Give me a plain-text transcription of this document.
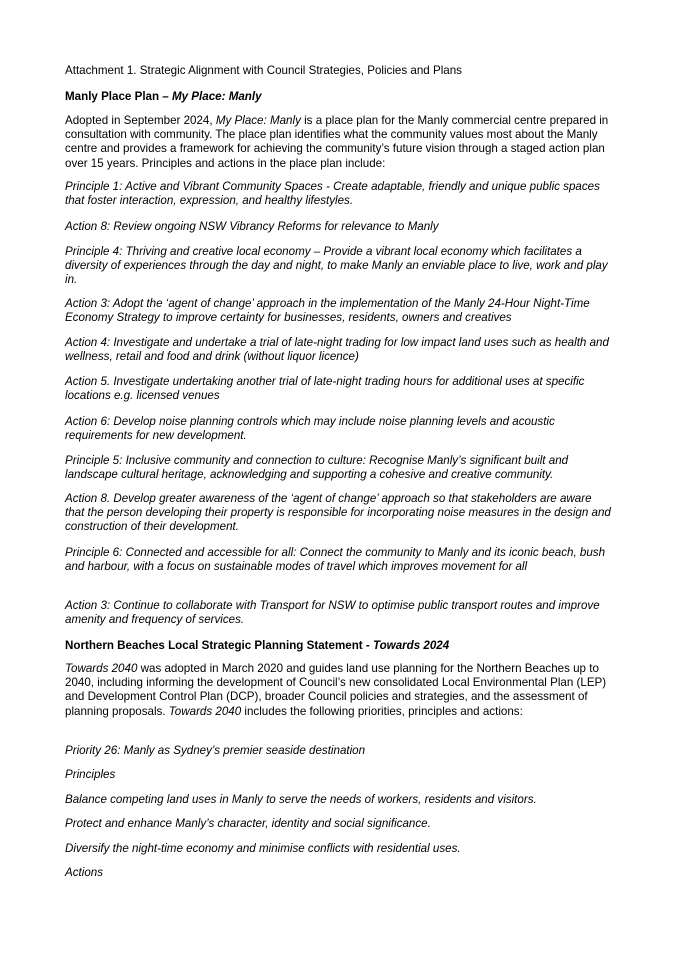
Attachment 1. Strategic Alignment with Council Strategies, Policies and Plans

Manly Place Plan – My Place: Manly

Adopted in September 2024, My Place: Manly is a place plan for the Manly commercial centre prepared in consultation with community. The place plan identifies what the community values most about the Manly centre and provides a framework for achieving the community’s future vision through a staged action plan over 15 years. Principles and actions in the place plan include:

Principle 1: Active and Vibrant Community Spaces - Create adaptable, friendly and unique public spaces that foster interaction, expression, and healthy lifestyles.

Action 8: Review ongoing NSW Vibrancy Reforms for relevance to Manly

Principle 4: Thriving and creative local economy – Provide a vibrant local economy which facilitates a diversity of experiences through the day and night, to make Manly an enviable place to live, work and play in.

Action 3: Adopt the ‘agent of change’ approach in the implementation of the Manly 24-Hour Night-Time Economy Strategy to improve certainty for businesses, residents, owners and creatives

Action 4: Investigate and undertake a trial of late-night trading for low impact land uses such as health and wellness, retail and food and drink (without liquor licence)

Action 5. Investigate undertaking another trial of late-night trading hours for additional uses at specific locations e.g. licensed venues

Action 6: Develop noise planning controls which may include noise planning levels and acoustic requirements for new development.

Principle 5: Inclusive community and connection to culture: Recognise Manly’s significant built and landscape cultural heritage, acknowledging and supporting a cohesive and creative community.

Action 8. Develop greater awareness of the ‘agent of change’ approach so that stakeholders are aware that the person developing their property is responsible for incorporating noise measures in the design and construction of their development.

Principle 6: Connected and accessible for all: Connect the community to Manly and its iconic beach, bush and harbour, with a focus on sustainable modes of travel which improves movement for all

Action 3: Continue to collaborate with Transport for NSW to optimise public transport routes and improve amenity and frequency of services.

Northern Beaches Local Strategic Planning Statement - Towards 2024

Towards 2040 was adopted in March 2020 and guides land use planning for the Northern Beaches up to 2040, including informing the development of Council’s new consolidated Local Environmental Plan (LEP) and Development Control Plan (DCP), broader Council policies and strategies, and the assessment of planning proposals. Towards 2040 includes the following priorities, principles and actions:

Priority 26: Manly as Sydney’s premier seaside destination

Principles

Balance competing land uses in Manly to serve the needs of workers, residents and visitors.

Protect and enhance Manly’s character, identity and social significance.

Diversify the night-time economy and minimise conflicts with residential uses.

Actions
